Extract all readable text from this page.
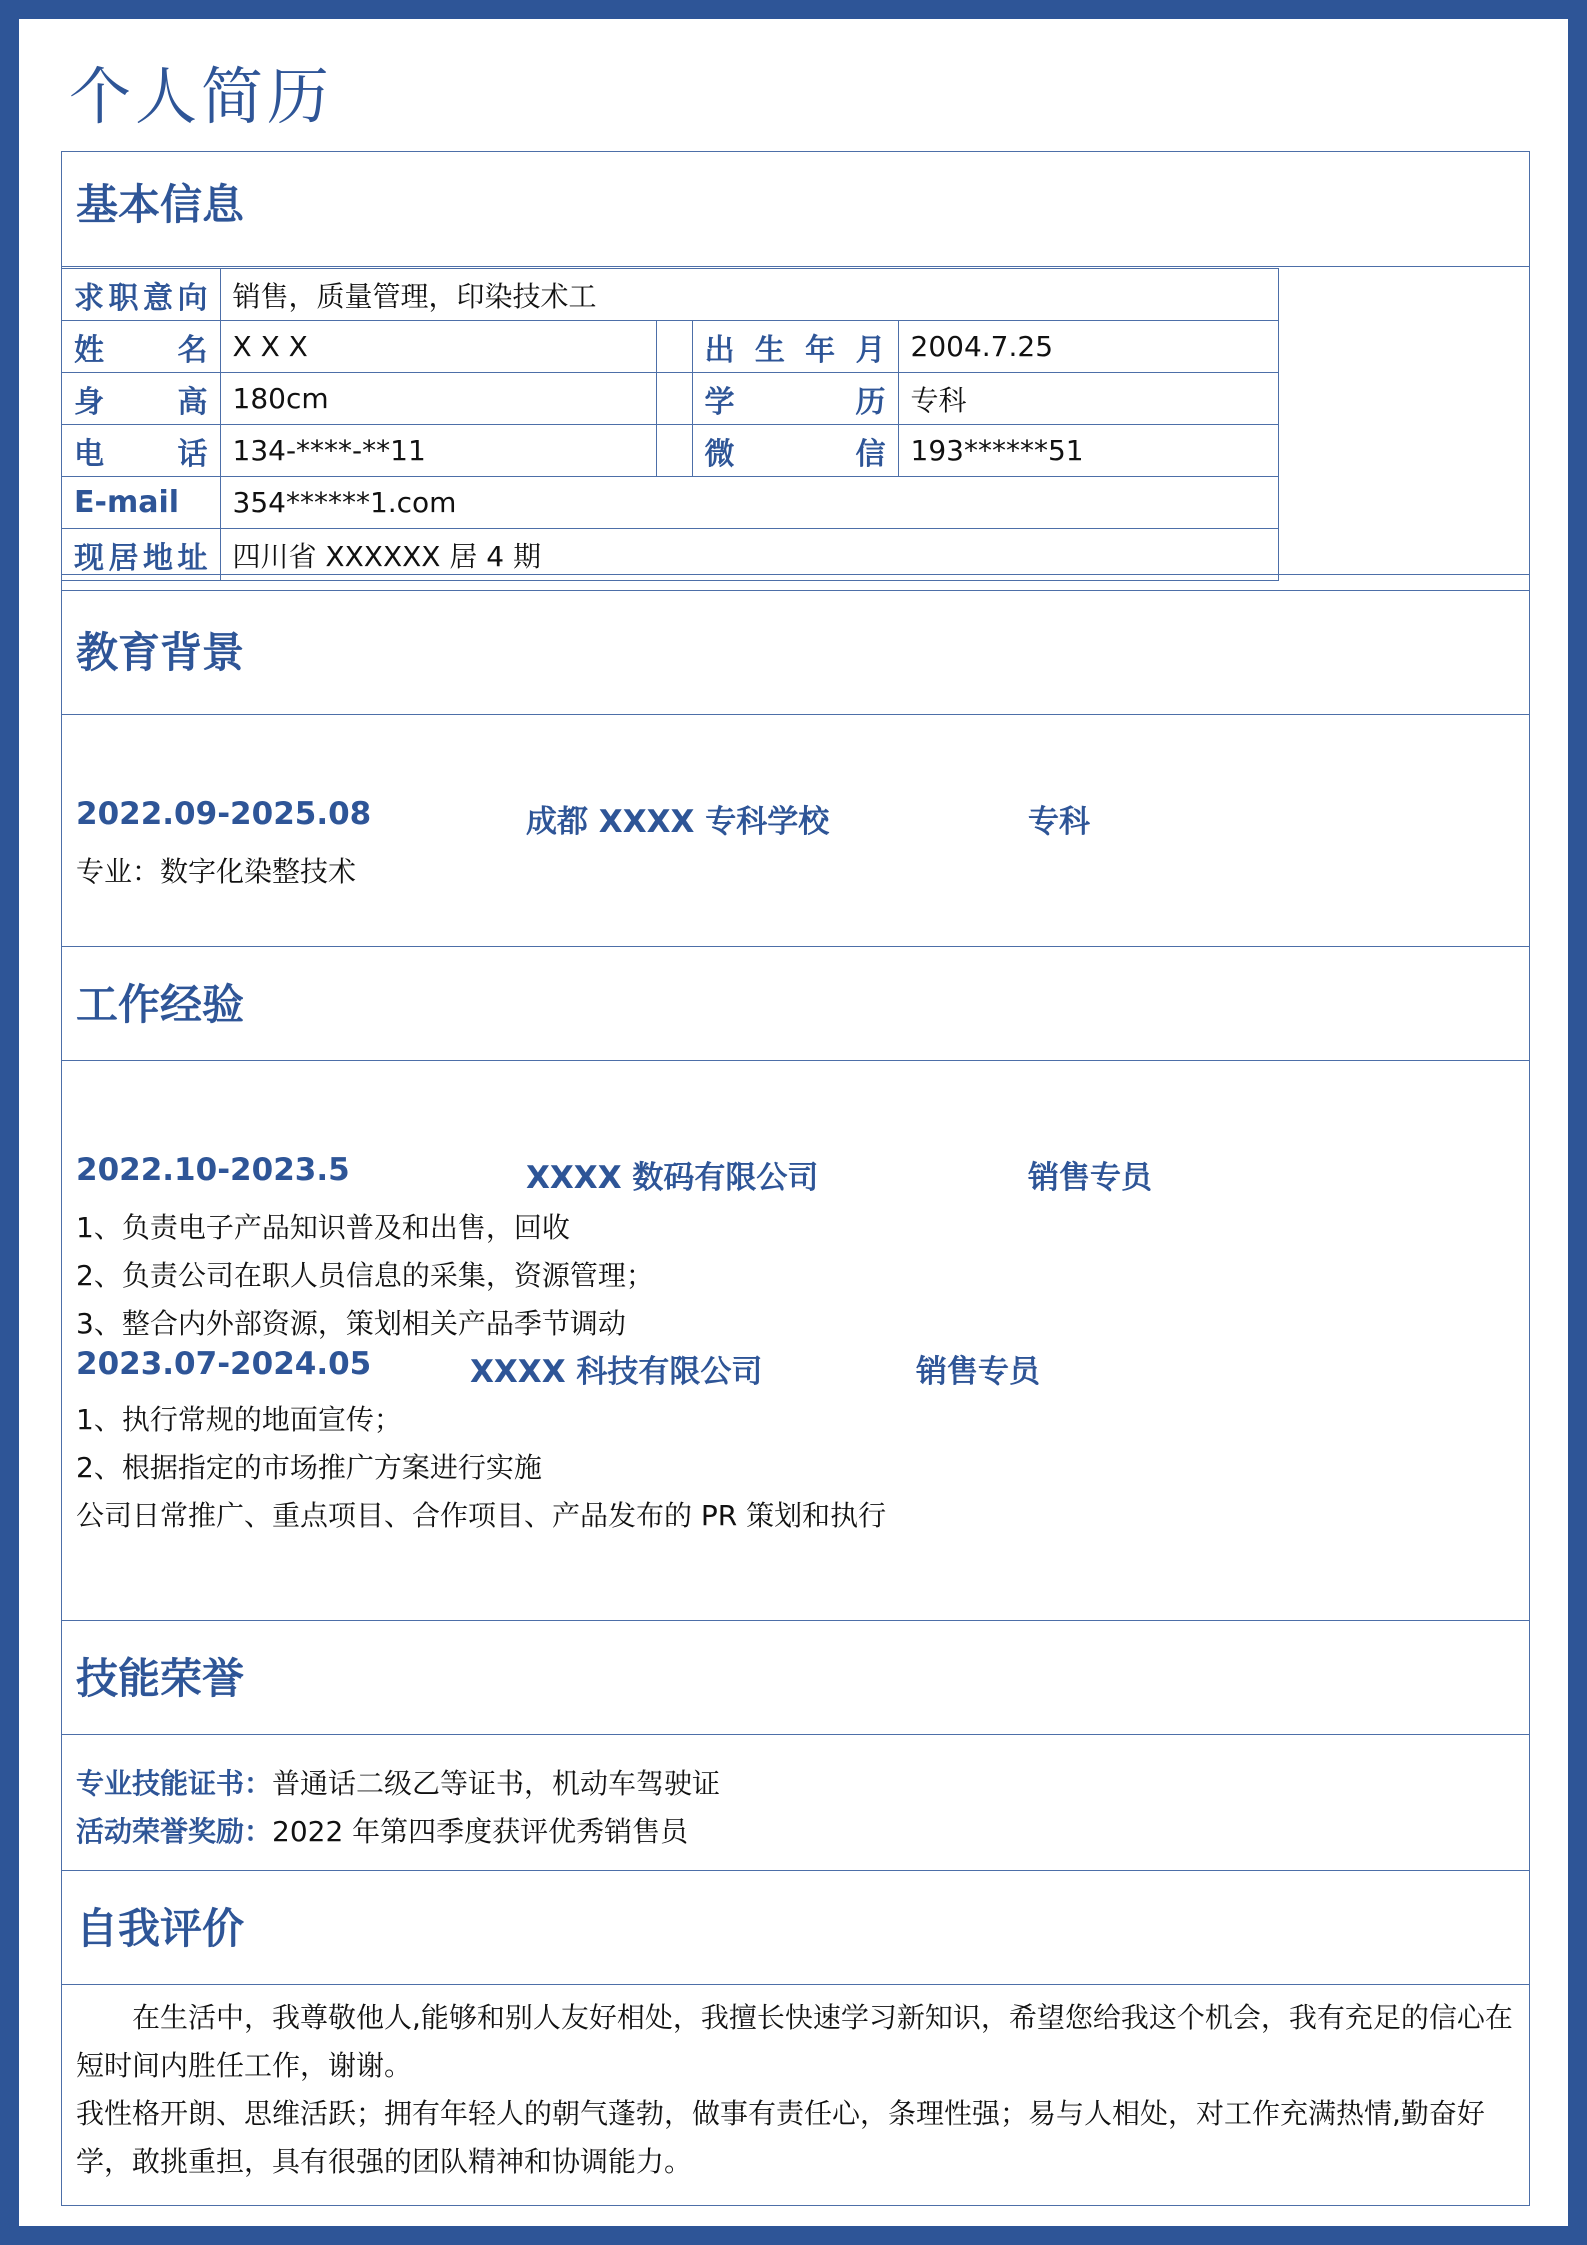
个人简历
基本信息
求职意向	销售，质量管理，印染技术工			
姓名	X X X		出生年月	2004.7.25
身高	180cm		学历	专科
电话	134-****-**11		微信	193******51
E-mail	354******1.com			
现居地址	四川省 XXXXXX 居 4 期			
教育背景
2022.09-2025.08	成都 XXXX 专科学校	专科
专业：数字化染整技术
工作经验
2022.10-2023.5	XXXX 数码有限公司	销售专员
1、负责电子产品知识普及和出售，回收
2、负责公司在职人员信息的采集，资源管理；
3、整合内外部资源，策划相关产品季节调动
2023.07-2024.05	XXXX 科技有限公司	销售专员
1、执行常规的地面宣传；
2、根据指定的市场推广方案进行实施
公司日常推广、重点项目、合作项目、产品发布的 PR 策划和执行
技能荣誉
专业技能证书：普通话二级乙等证书，机动车驾驶证
活动荣誉奖励：2022 年第四季度获评优秀销售员
自我评价

在生活中，我尊敬他人,能够和别人友好相处，我擅长快速学习新知识，希望您给我这个机会，我有充足的信心在短时间内胜任工作，谢谢。

我性格开朗、思维活跃；拥有年轻人的朝气蓬勃，做事有责任心，条理性强；易与人相处，对工作充满热情,勤奋好学，敢挑重担，具有很强的团队精神和协调能力。
